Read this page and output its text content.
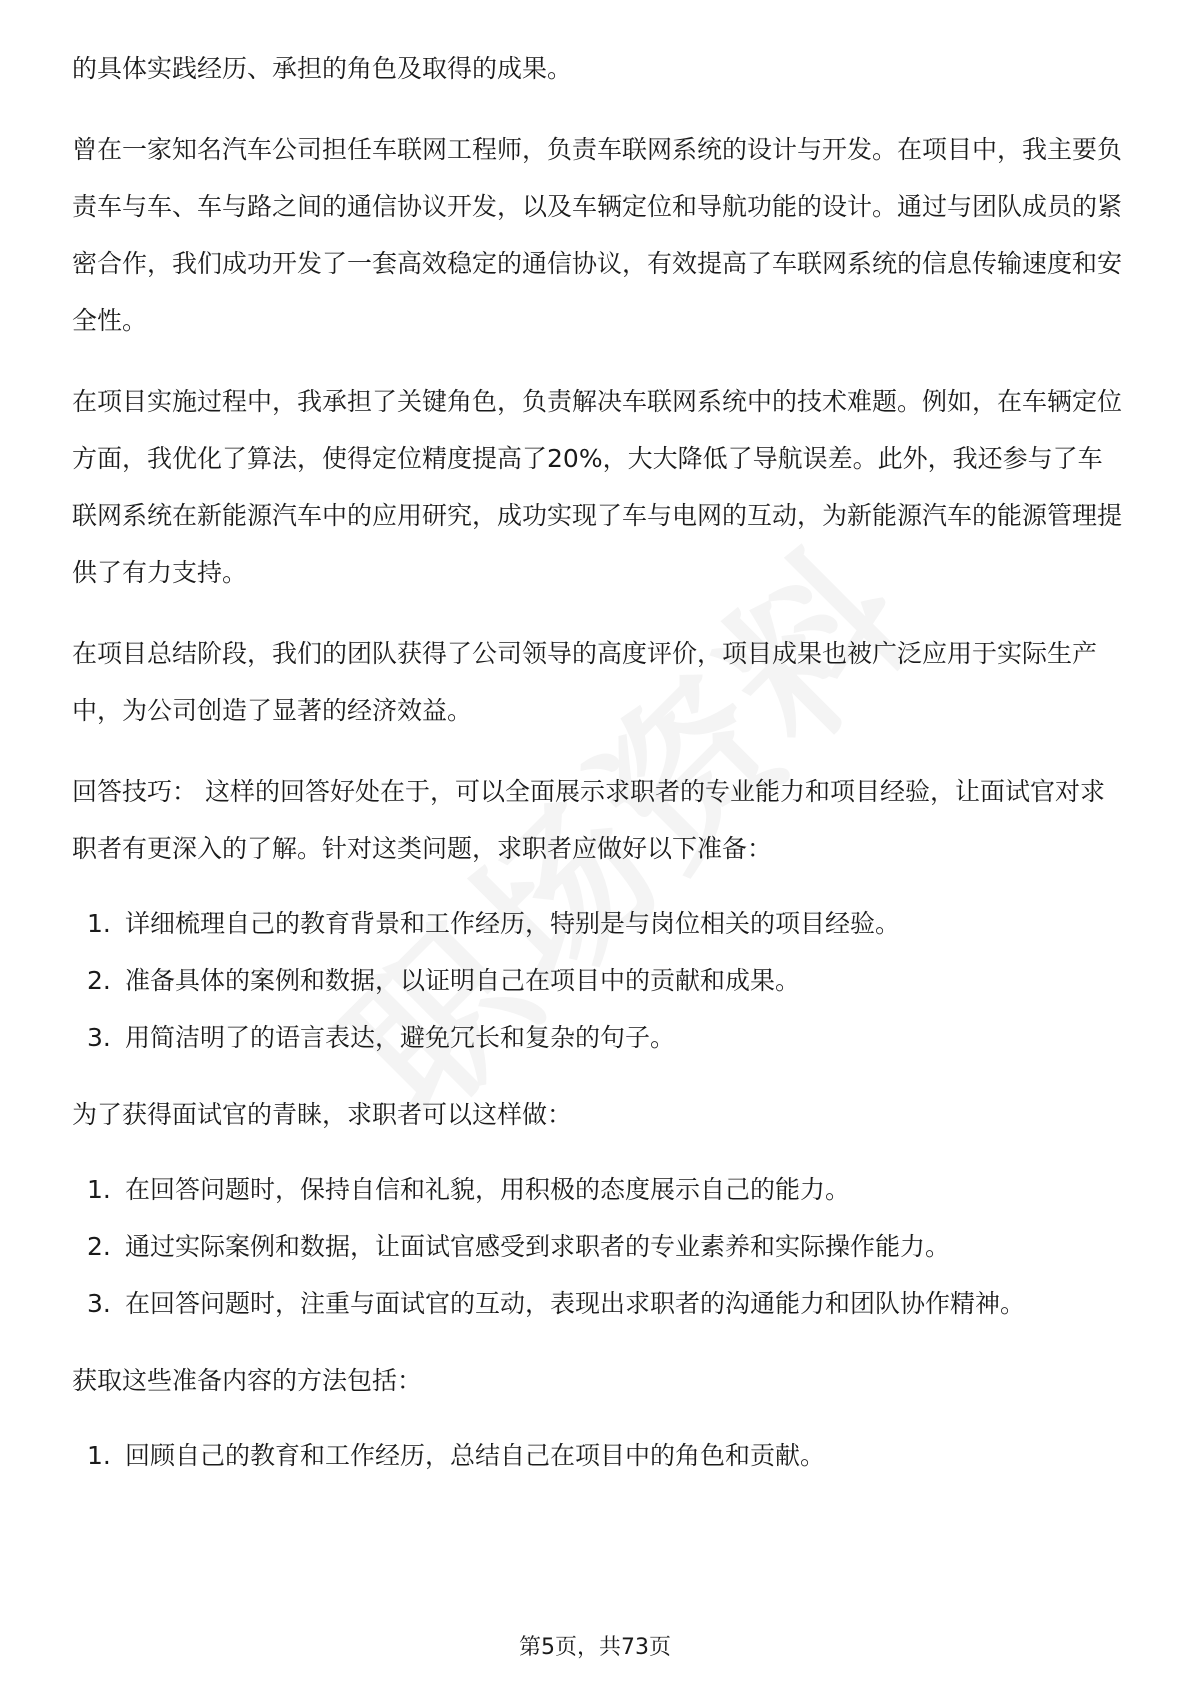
的具体实践经历、承担的角色及取得的成果。

曾在一家知名汽车公司担任车联网工程师，负责车联网系统的设计与开发。在项目中，我主要负责车与车、车与路之间的通信协议开发，以及车辆定位和导航功能的设计。通过与团队成员的紧密合作，我们成功开发了一套高效稳定的通信协议，有效提高了车联网系统的信息传输速度和安全性。

在项目实施过程中，我承担了关键角色，负责解决车联网系统中的技术难题。例如，在车辆定位方面，我优化了算法，使得定位精度提高了20%，大大降低了导航误差。此外，我还参与了车联网系统在新能源汽车中的应用研究，成功实现了车与电网的互动，为新能源汽车的能源管理提供了有力支持。

在项目总结阶段，我们的团队获得了公司领导的高度评价，项目成果也被广泛应用于实际生产中，为公司创造了显著的经济效益。

回答技巧： 这样的回答好处在于，可以全面展示求职者的专业能力和项目经验，让面试官对求职者有更深入的了解。针对这类问题，求职者应做好以下准备：

1. 详细梳理自己的教育背景和工作经历，特别是与岗位相关的项目经验。
2. 准备具体的案例和数据，以证明自己在项目中的贡献和成果。
3. 用简洁明了的语言表达，避免冗长和复杂的句子。

为了获得面试官的青睐，求职者可以这样做：

1. 在回答问题时，保持自信和礼貌，用积极的态度展示自己的能力。
2. 通过实际案例和数据，让面试官感受到求职者的专业素养和实际操作能力。
3. 在回答问题时，注重与面试官的互动，表现出求职者的沟通能力和团队协作精神。

获取这些准备内容的方法包括：

1. 回顾自己的教育和工作经历，总结自己在项目中的角色和贡献。
第5页，共73页
